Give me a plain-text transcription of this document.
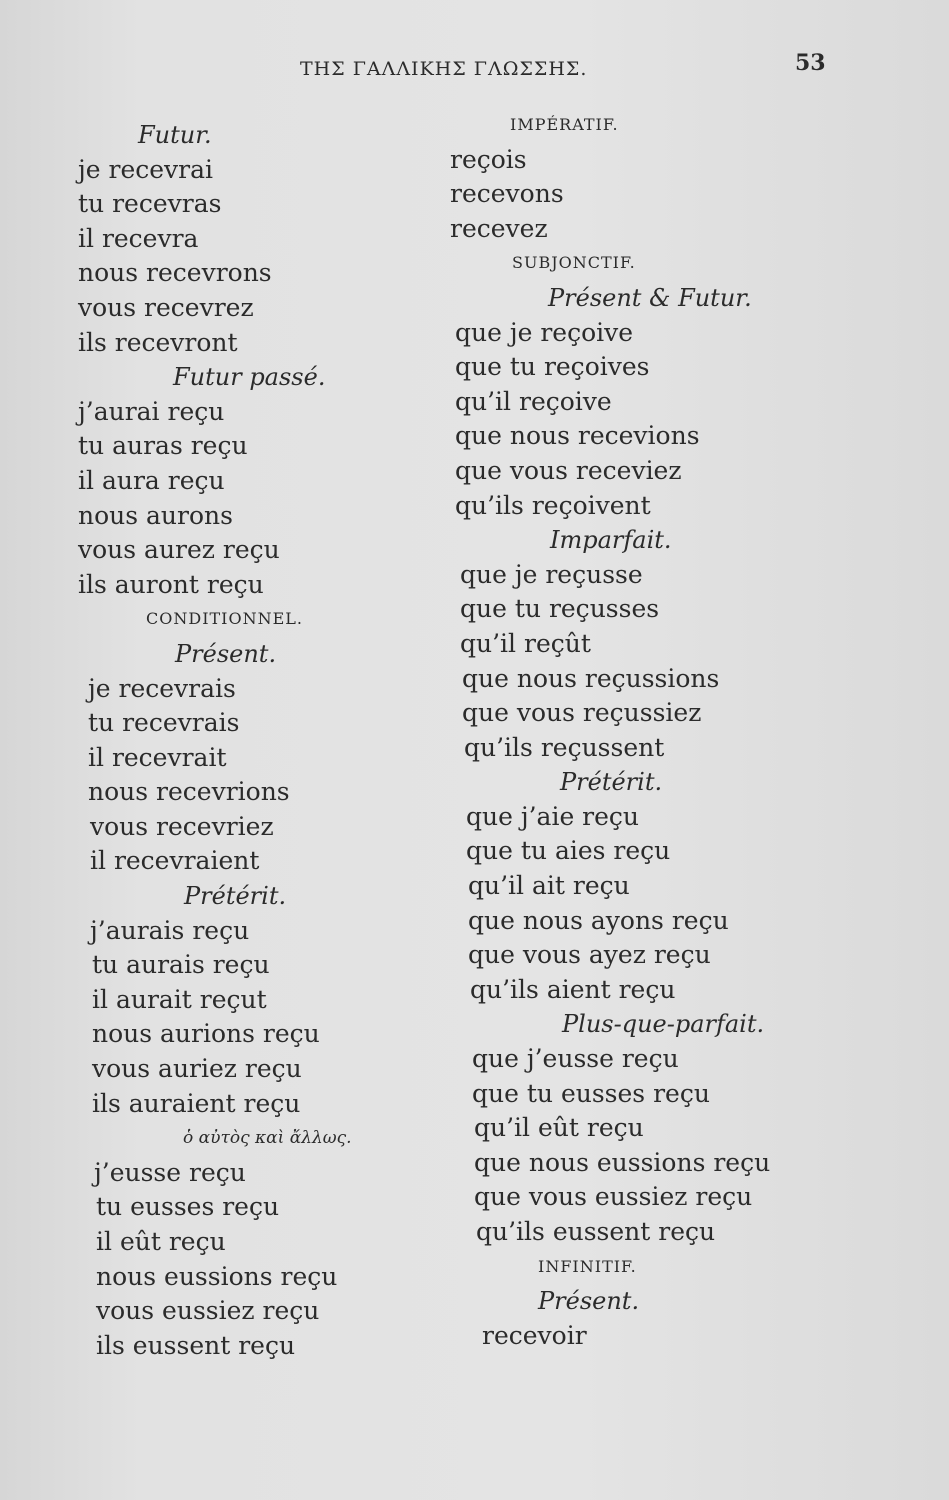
ΤΗΣ ΓΑΛΛΙΚΗΣ ΓΛΩΣΣΗΣ.	53
Futur.
je recevrai
tu recevras
il recevra
nous recevrons
vous recevrez
ils recevront
Futur passé.
j’aurai reçu
tu auras reçu
il aura reçu
nous aurons
vous aurez reçu
ils auront reçu
CONDITIONNEL.
Présent.
je recevrais
tu recevrais
il recevrait
nous recevrions
vous recevriez
il recevraient
Prétérit.
j’aurais reçu
tu aurais reçu
il aurait reçut
nous aurions reçu
vous auriez reçu
ils auraient reçu
ὁ αὐτὸς καὶ ἄλλως.
j’eusse reçu
tu eusses reçu
il eût reçu
nous eussions reçu
vous eussiez reçu
ils eussent reçu
IMPÉRATIF.
reçois
recevons
recevez
SUBJONCTIF.
Présent & Futur.
que je reçoive
que tu reçoives
qu’il reçoive
que nous recevions
que vous receviez
qu’ils reçoivent
Imparfait.
que je reçusse
que tu reçusses
qu’il reçût
que nous reçussions
que vous reçussiez
qu’ils reçussent
Prétérit.
que j’aie reçu
que tu aies reçu
qu’il ait reçu
que nous ayons reçu
que vous ayez reçu
qu’ils aient reçu
Plus-que-parfait.
que j’eusse reçu
que tu eusses reçu
qu’il eût reçu
que nous eussions reçu
que vous eussiez reçu
qu’ils eussent reçu
INFINITIF.
Présent.
recevoir
